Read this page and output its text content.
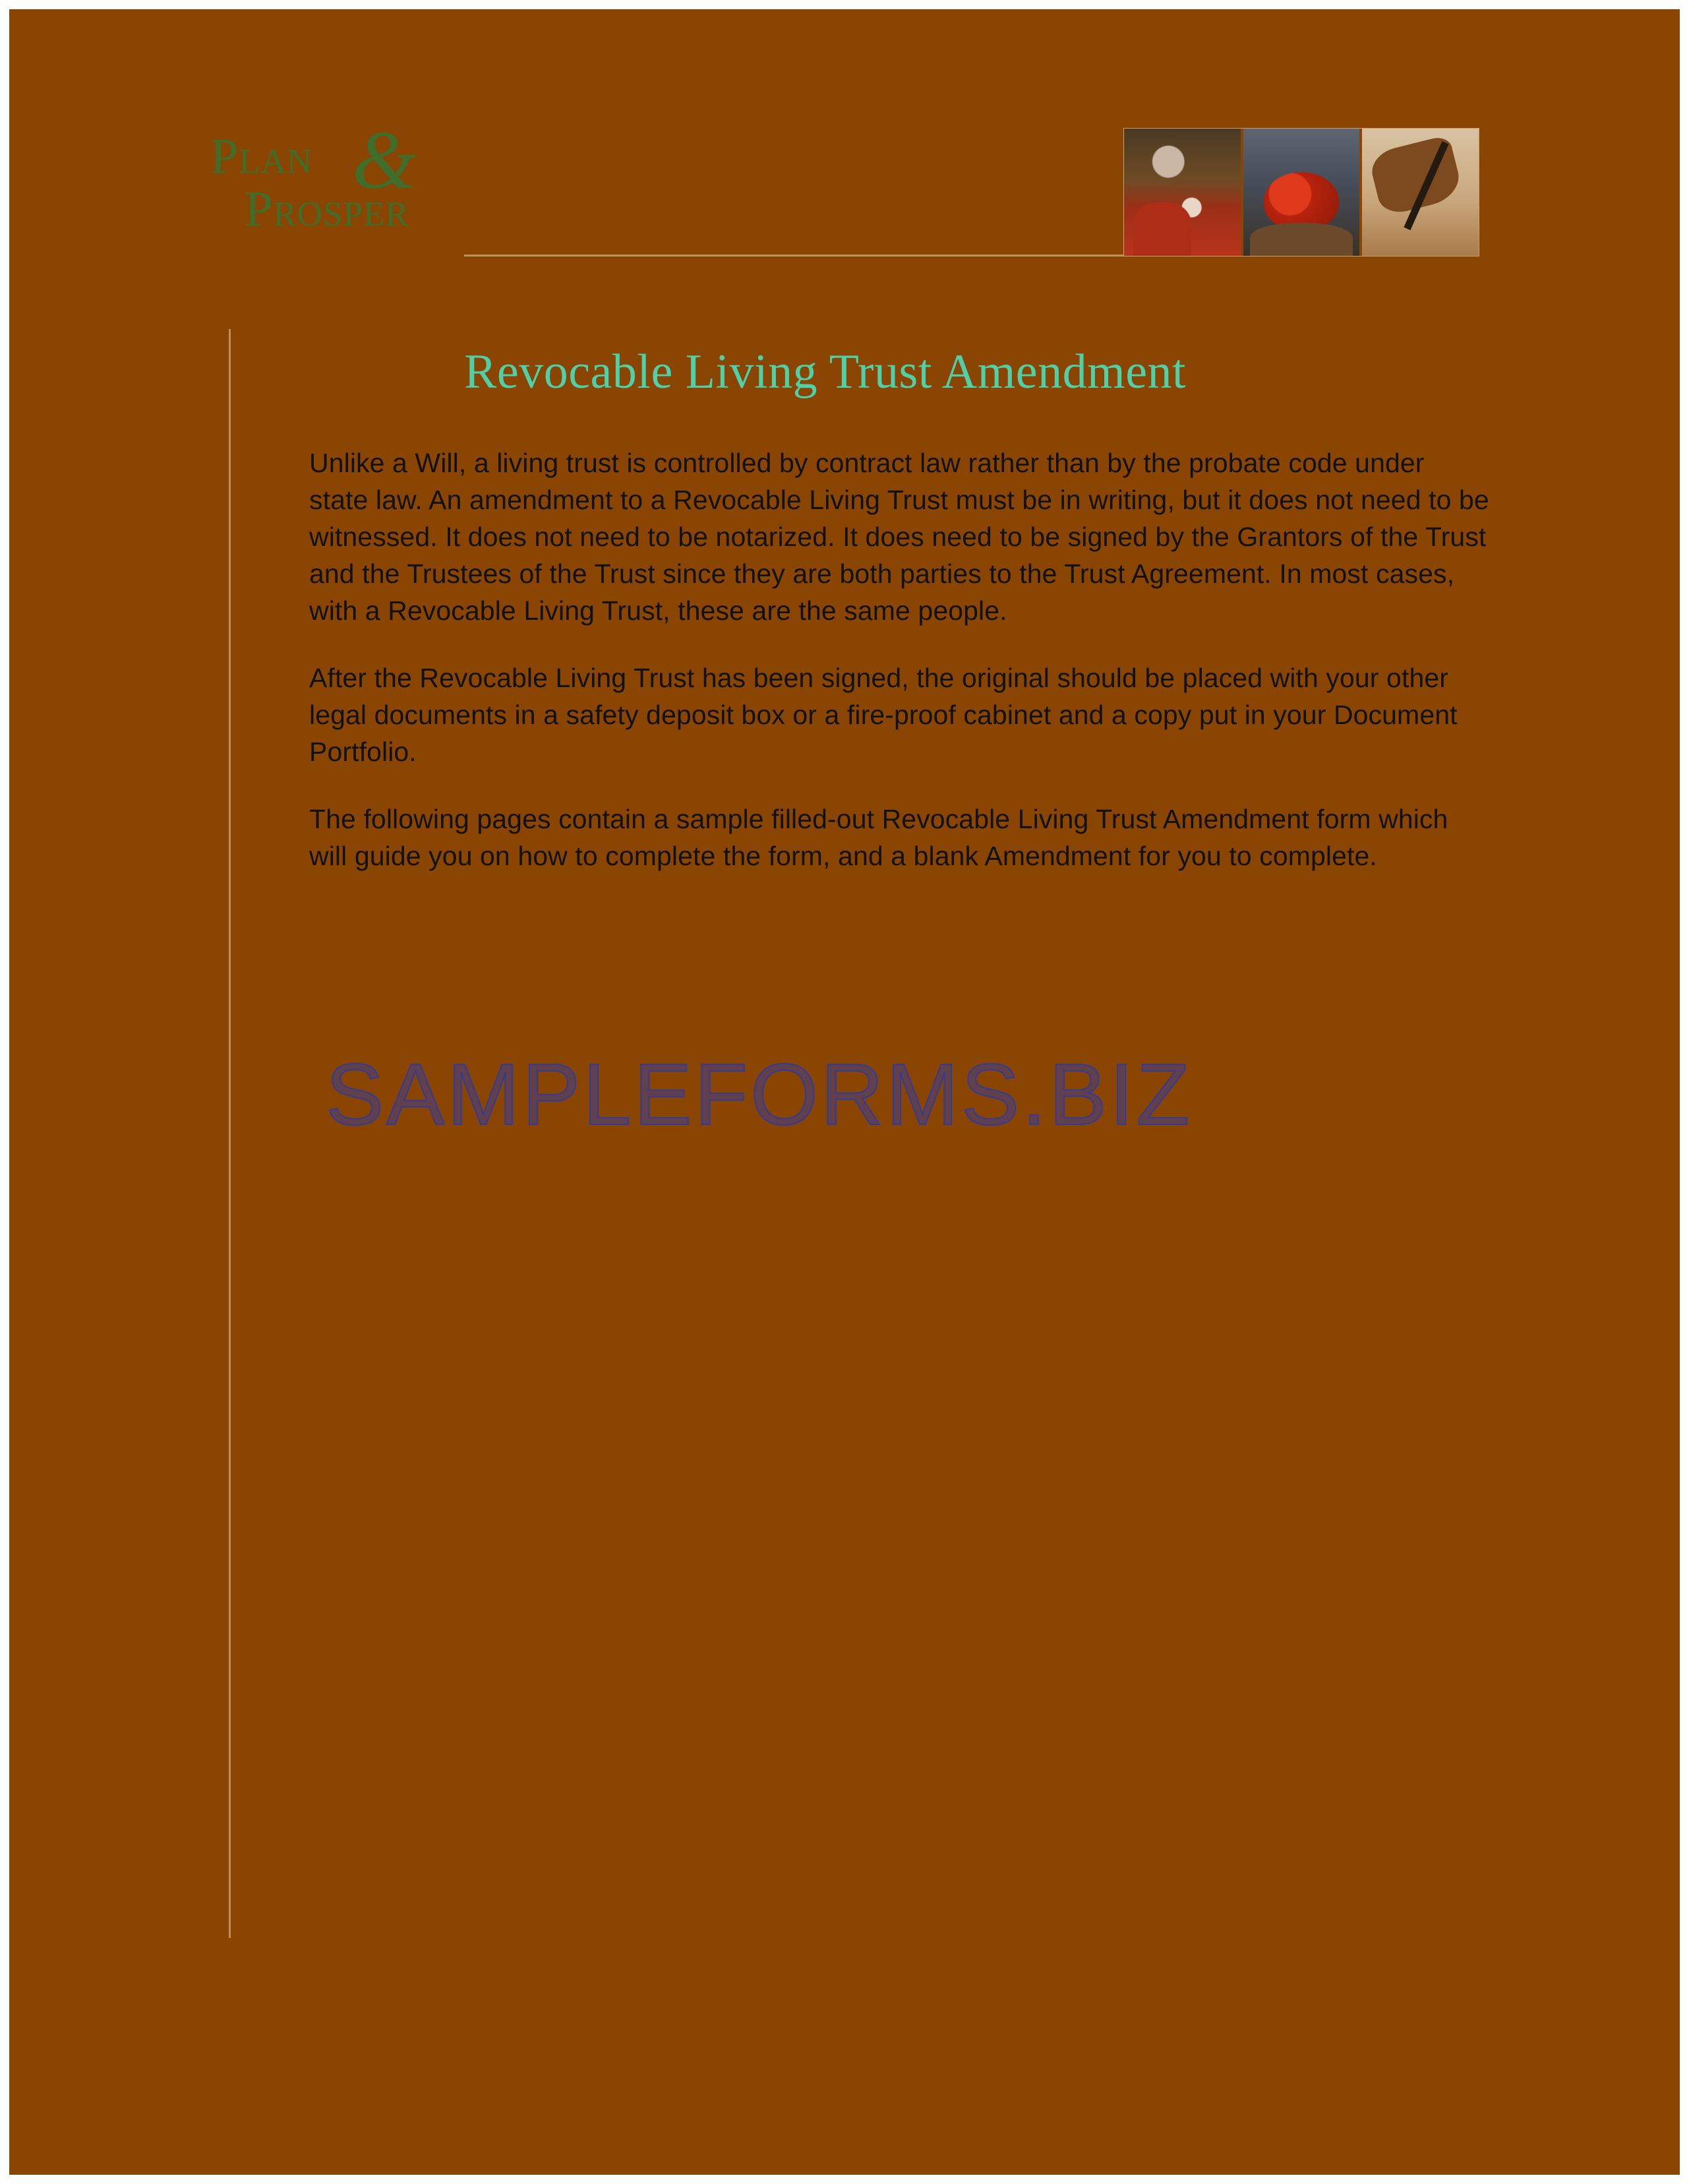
Plan &
Prosper
Revocable Living Trust Amendment

Unlike a Will, a living trust is controlled by contract law rather than by the probate code under state law. An amendment to a Revocable Living Trust must be in writing, but it does not need to be witnessed. It does not need to be notarized. It does need to be signed by the Grantors of the Trust and the Trustees of the Trust since they are both parties to the Trust Agreement. In most cases, with a Revocable Living Trust, these are the same people.

After the Revocable Living Trust has been signed, the original should be placed with your other legal documents in a safety deposit box or a fire-proof cabinet and a copy put in your Document Portfolio.

The following pages contain a sample filled-out Revocable Living Trust Amendment form which will guide you on how to complete the form, and a blank Amendment for you to complete.

SAMPLEFORMS.BIZ
